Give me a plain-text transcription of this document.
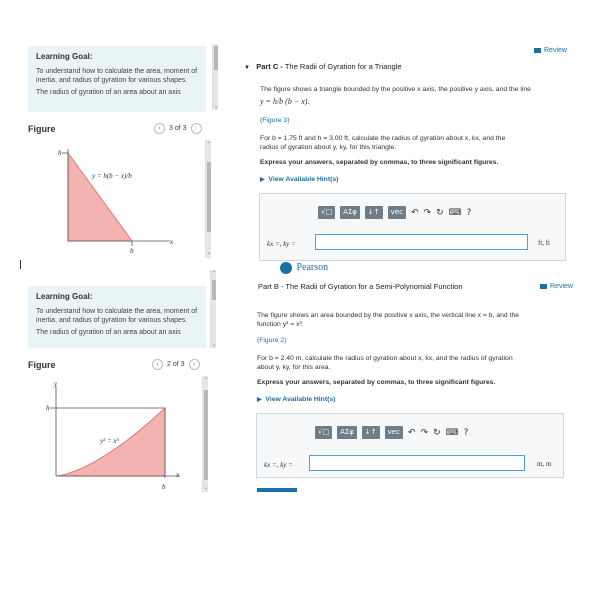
Learning Goal:
To understand how to calculate the area, moment of inertia, and radius of gyration for various shapes.
The radius of gyration of an area about an axis
⌄
Figure	‹	3 of 3	›
h
y = h(b − x)/b
b
x
⌃
⌄
Review
▼ Part C - The Radii of Gyration for a Triangle
The figure shows a triangle bounded by the positive x axis, the positive y axis, and the line
y = h/b (b − x).
(Figure 3)
For b = 1.75 ft and h = 3.00 ft, calculate the radius of gyration about x, kx, and the
radius of gyration about y, ky, for this triangle.
Express your answers, separated by commas, to three significant figures.
▶ View Available Hint(s)
√□	AΣφ	↓↑	vec ↶ ↷ ↻ ⌨ ?
kx =, ky =	ft, ft
$^{Pearson}$
Learning Goal:
To understand how to calculate the area, moment of inertia, and radius of gyration for various shapes.
The radius of gyration of an area about an axis
⌃
⌄
Figure	‹	2 of 3	›
y
h
y² = x³
b
x
⌃
⌄
Part B - The Radii of Gyration for a Semi-Polynomial Function	Review
The figure shows an area bounded by the positive x axis, the vertical line x = b, and the
function y² = x³.
(Figure 2)
For b = 2.40 m, calculate the radius of gyration about x, kx, and the radius of gyration
about y, ky, for this area.
Express your answers, separated by commas, to three significant figures.
▶ View Available Hint(s)
√□	AΣφ	↓↑	vec ↶ ↷ ↻ ⌨ ?
kx =, ky =	m, m
